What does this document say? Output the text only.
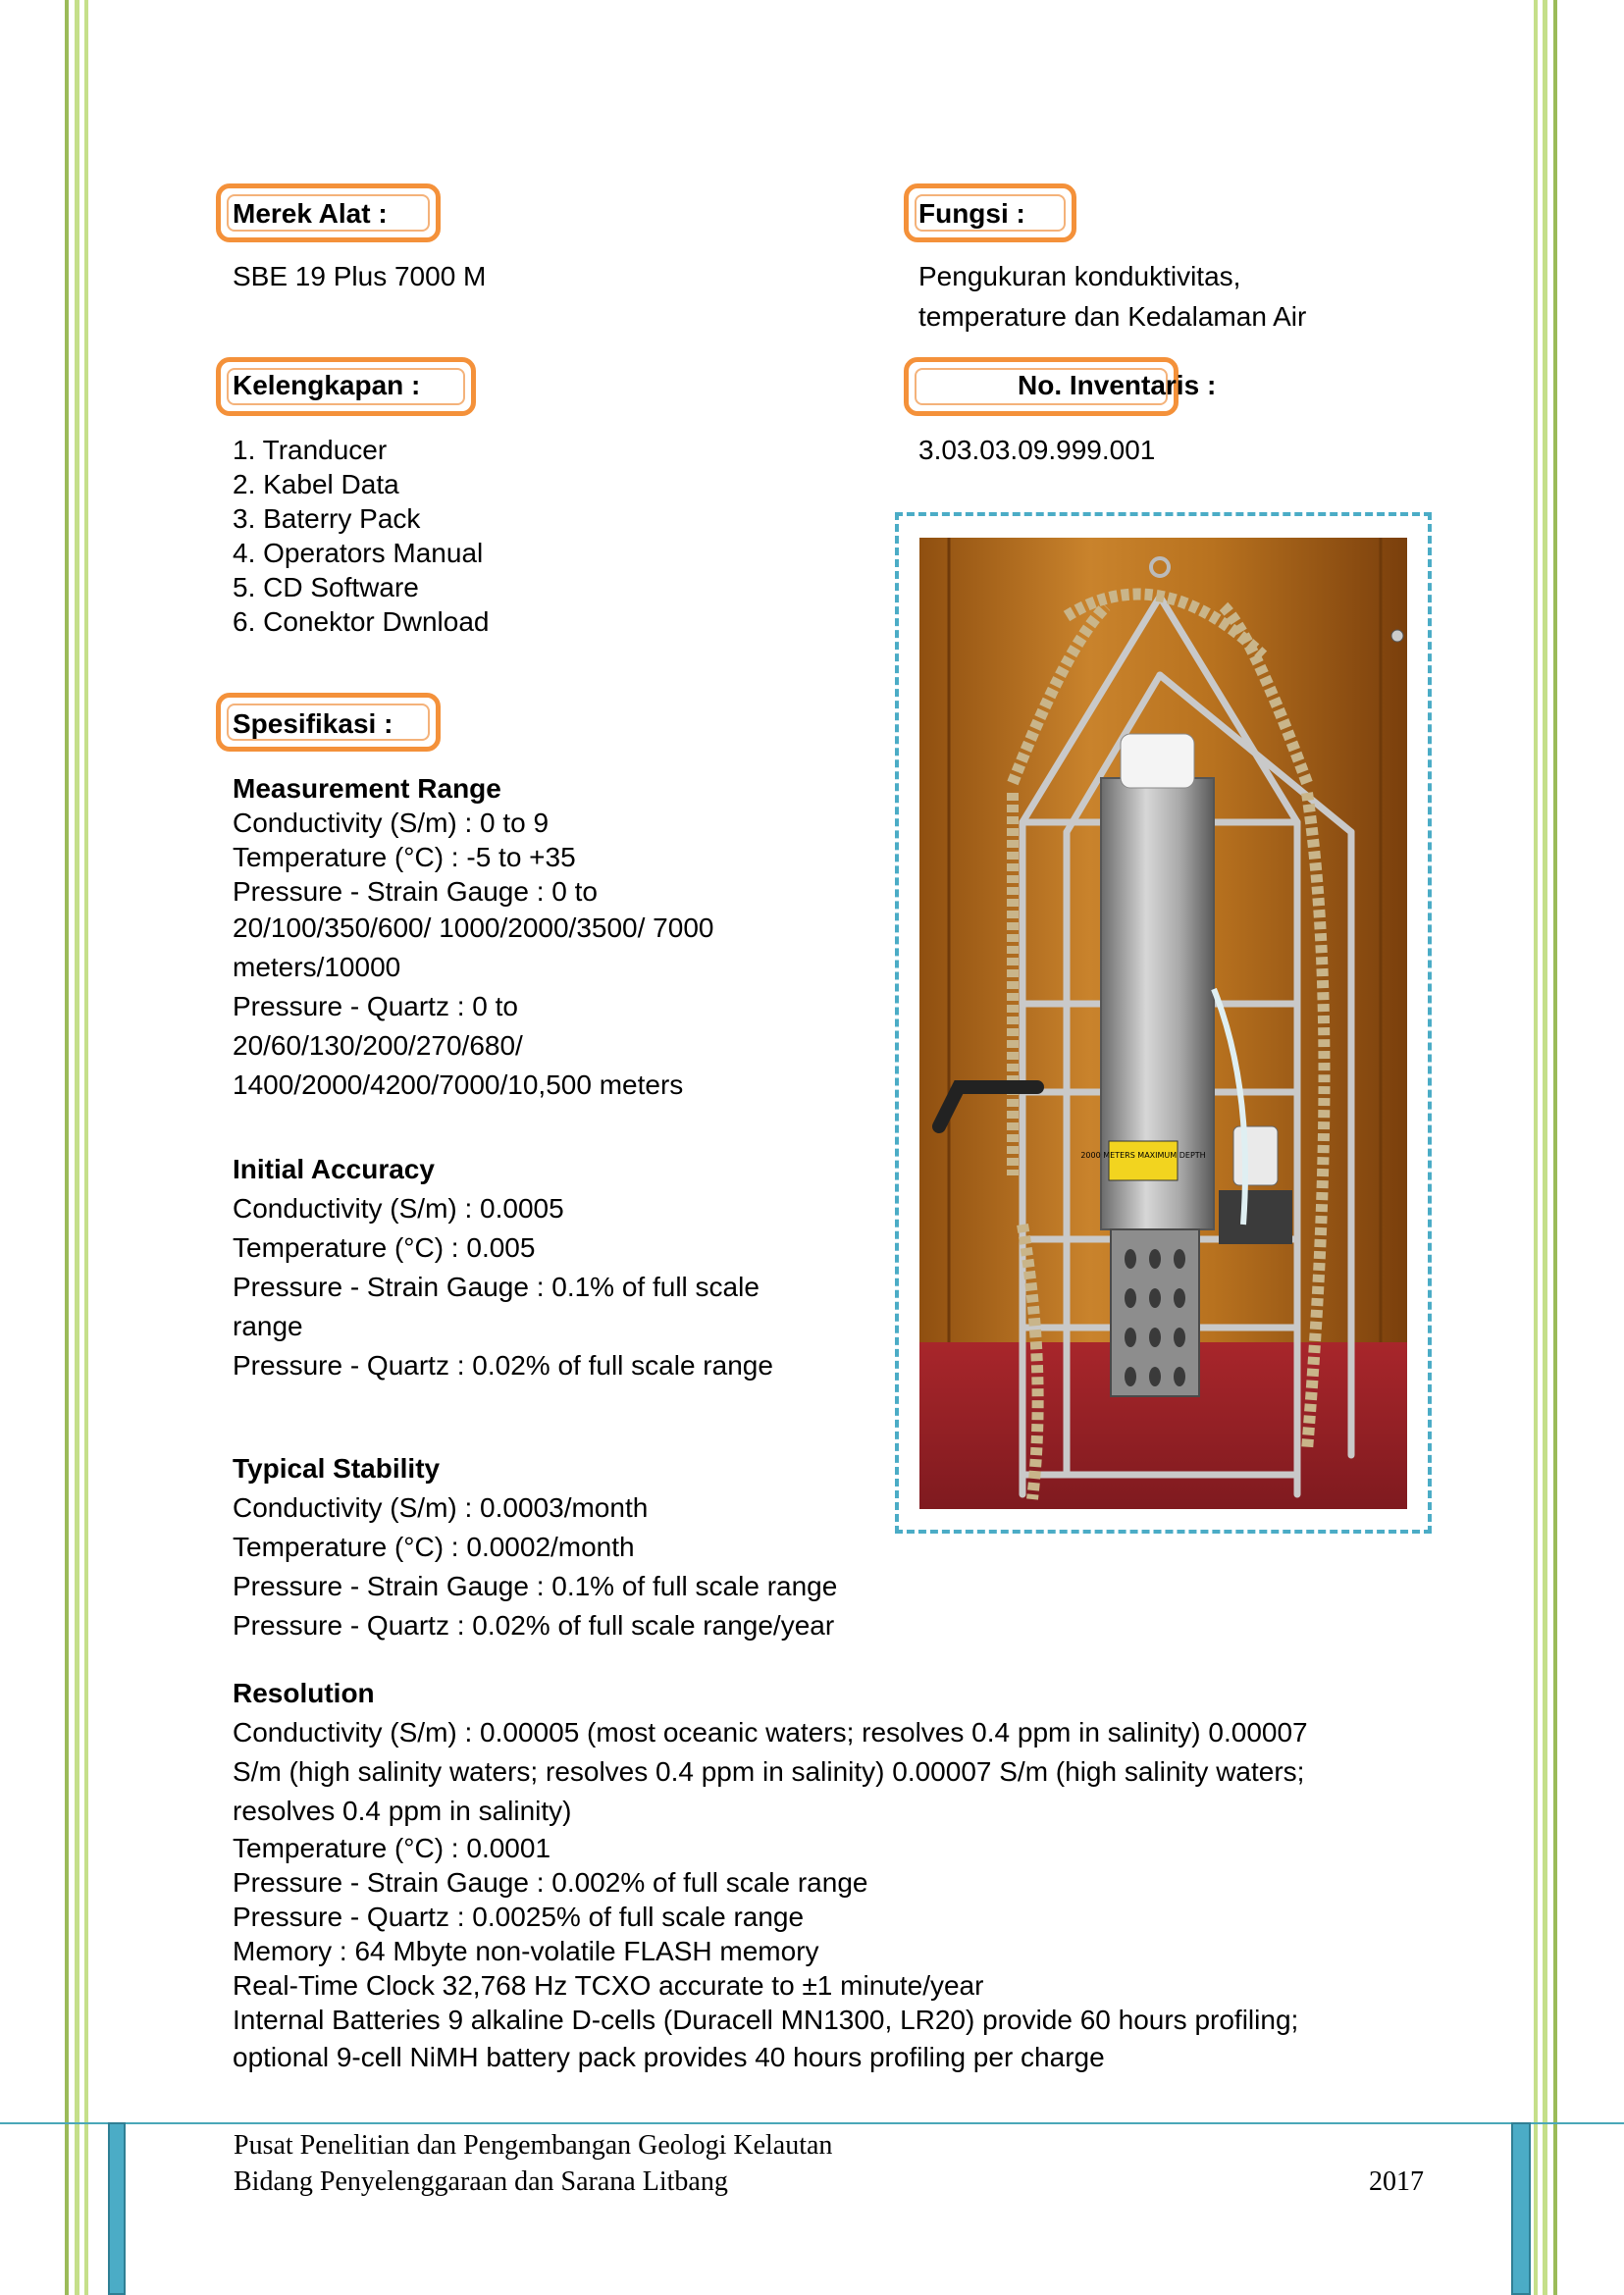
Merek Alat :
SBE 19 Plus 7000 M
Fungsi :
Pengukuran konduktivitas,
temperature dan Kedalaman Air
Kelengkapan :
1. Tranducer
2. Kabel Data
3. Baterry Pack
4. Operators Manual
5. CD Software
6. Conektor Dwnload
No. Inventaris :
3.03.03.09.999.001
Spesifikasi :
Measurement Range
Conductivity (S/m) : 0 to 9
Temperature (°C) : -5 to +35
Pressure - Strain Gauge : 0 to
20/100/350/600/ 1000/2000/3500/ 7000
meters/10000
Pressure - Quartz : 0 to
20/60/130/200/270/680/
1400/2000/4200/7000/10,500 meters
Initial Accuracy
Conductivity (S/m) : 0.0005
Temperature (°C) : 0.005
Pressure - Strain Gauge : 0.1% of full scale
range
Pressure - Quartz : 0.02% of full scale range
Typical Stability
Conductivity (S/m) : 0.0003/month
Temperature (°C) : 0.0002/month
Pressure - Strain Gauge : 0.1% of full scale range
Pressure - Quartz : 0.02% of full scale range/year
Resolution
Conductivity (S/m) : 0.00005 (most oceanic waters; resolves 0.4 ppm in salinity) 0.00007
S/m (high salinity waters; resolves 0.4 ppm in salinity) 0.00007 S/m (high salinity waters;
resolves 0.4 ppm in salinity)
Temperature (°C) : 0.0001
Pressure - Strain Gauge : 0.002% of full scale range
Pressure - Quartz : 0.0025% of full scale range
Memory : 64 Mbyte non-volatile FLASH memory
Real-Time Clock 32,768 Hz TCXO accurate to ±1 minute/year
Internal Batteries 9 alkaline D-cells (Duracell MN1300, LR20) provide 60 hours profiling;
optional 9-cell NiMH battery pack provides 40 hours profiling per charge
2000 METERS MAXIMUM DEPTH
Pusat Penelitian dan Pengembangan Geologi Kelautan
Bidang Penyelenggaraan dan Sarana Litbang	2017
